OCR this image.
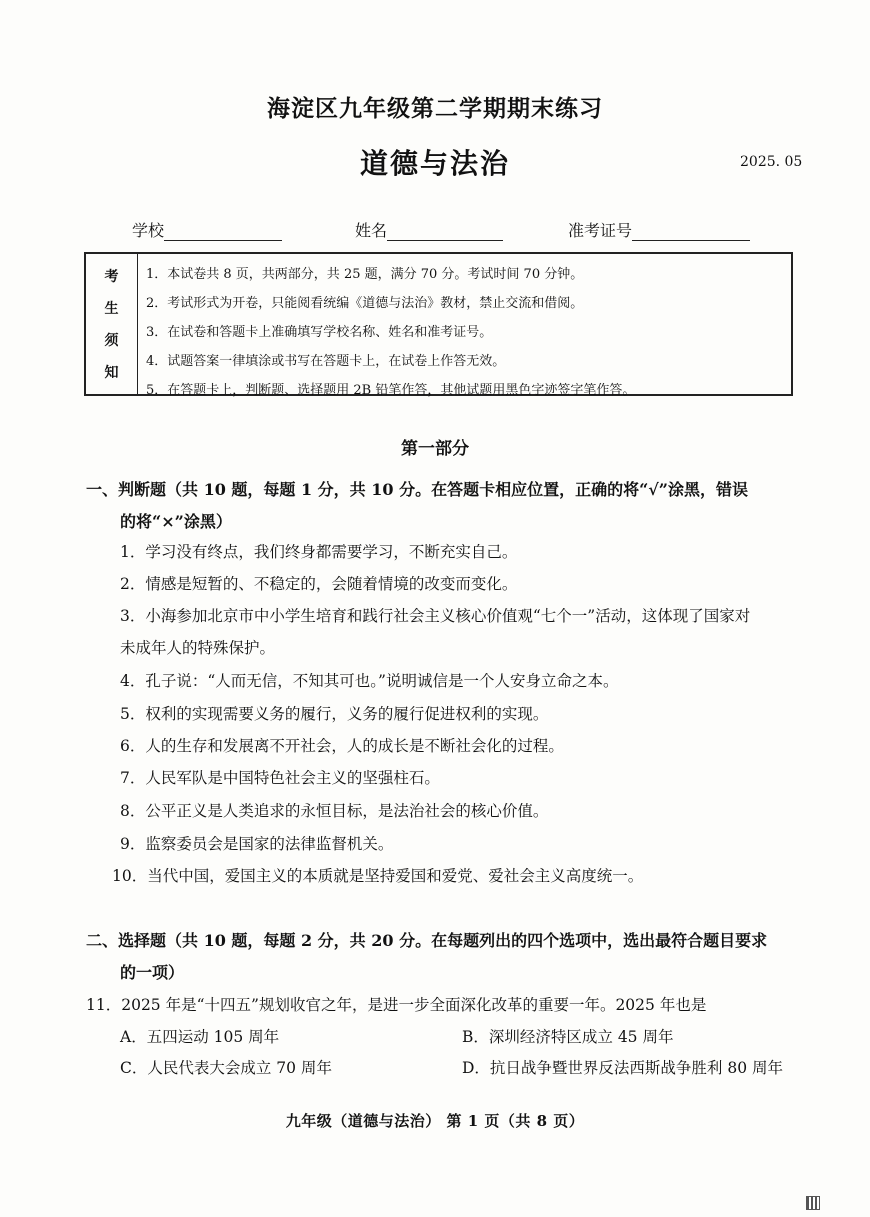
海淀区九年级第二学期期末练习
道德与法治	2025. 05
学校	姓名	准考证号
考
生
须
知
1．本试卷共 8 页，共两部分，共 25 题，满分 70 分。考试时间 70 分钟。
2．考试形式为开卷，只能阅看统编《道德与法治》教材，禁止交流和借阅。
3．在试卷和答题卡上准确填写学校名称、姓名和准考证号。
4．试题答案一律填涂或书写在答题卡上，在试卷上作答无效。
5．在答题卡上，判断题、选择题用 2B 铅笔作答，其他试题用黑色字迹签字笔作答。
第一部分
一、判断题（共 10 题，每题 1 分，共 10 分。在答题卡相应位置，正确的将“√”涂黑，错误
的将“×”涂黑）
1．学习没有终点，我们终身都需要学习，不断充实自己。
2．情感是短暂的、不稳定的，会随着情境的改变而变化。
3．小海参加北京市中小学生培育和践行社会主义核心价值观“七个一”活动，这体现了国家对
未成年人的特殊保护。
4．孔子说：“人而无信，不知其可也。”说明诚信是一个人安身立命之本。
5．权利的实现需要义务的履行，义务的履行促进权利的实现。
6．人的生存和发展离不开社会，人的成长是不断社会化的过程。
7．人民军队是中国特色社会主义的坚强柱石。
8．公平正义是人类追求的永恒目标，是法治社会的核心价值。
9．监察委员会是国家的法律监督机关。
10．当代中国，爱国主义的本质就是坚持爱国和爱党、爱社会主义高度统一。
二、选择题（共 10 题，每题 2 分，共 20 分。在每题列出的四个选项中，选出最符合题目要求
的一项）
11．2025 年是“十四五”规划收官之年，是进一步全面深化改革的重要一年。2025 年也是
A．五四运动 105 周年	B．深圳经济特区成立 45 周年
C．人民代表大会成立 70 周年	D．抗日战争暨世界反法西斯战争胜利 80 周年
九年级（道德与法治） 第 1 页（共 8 页）
